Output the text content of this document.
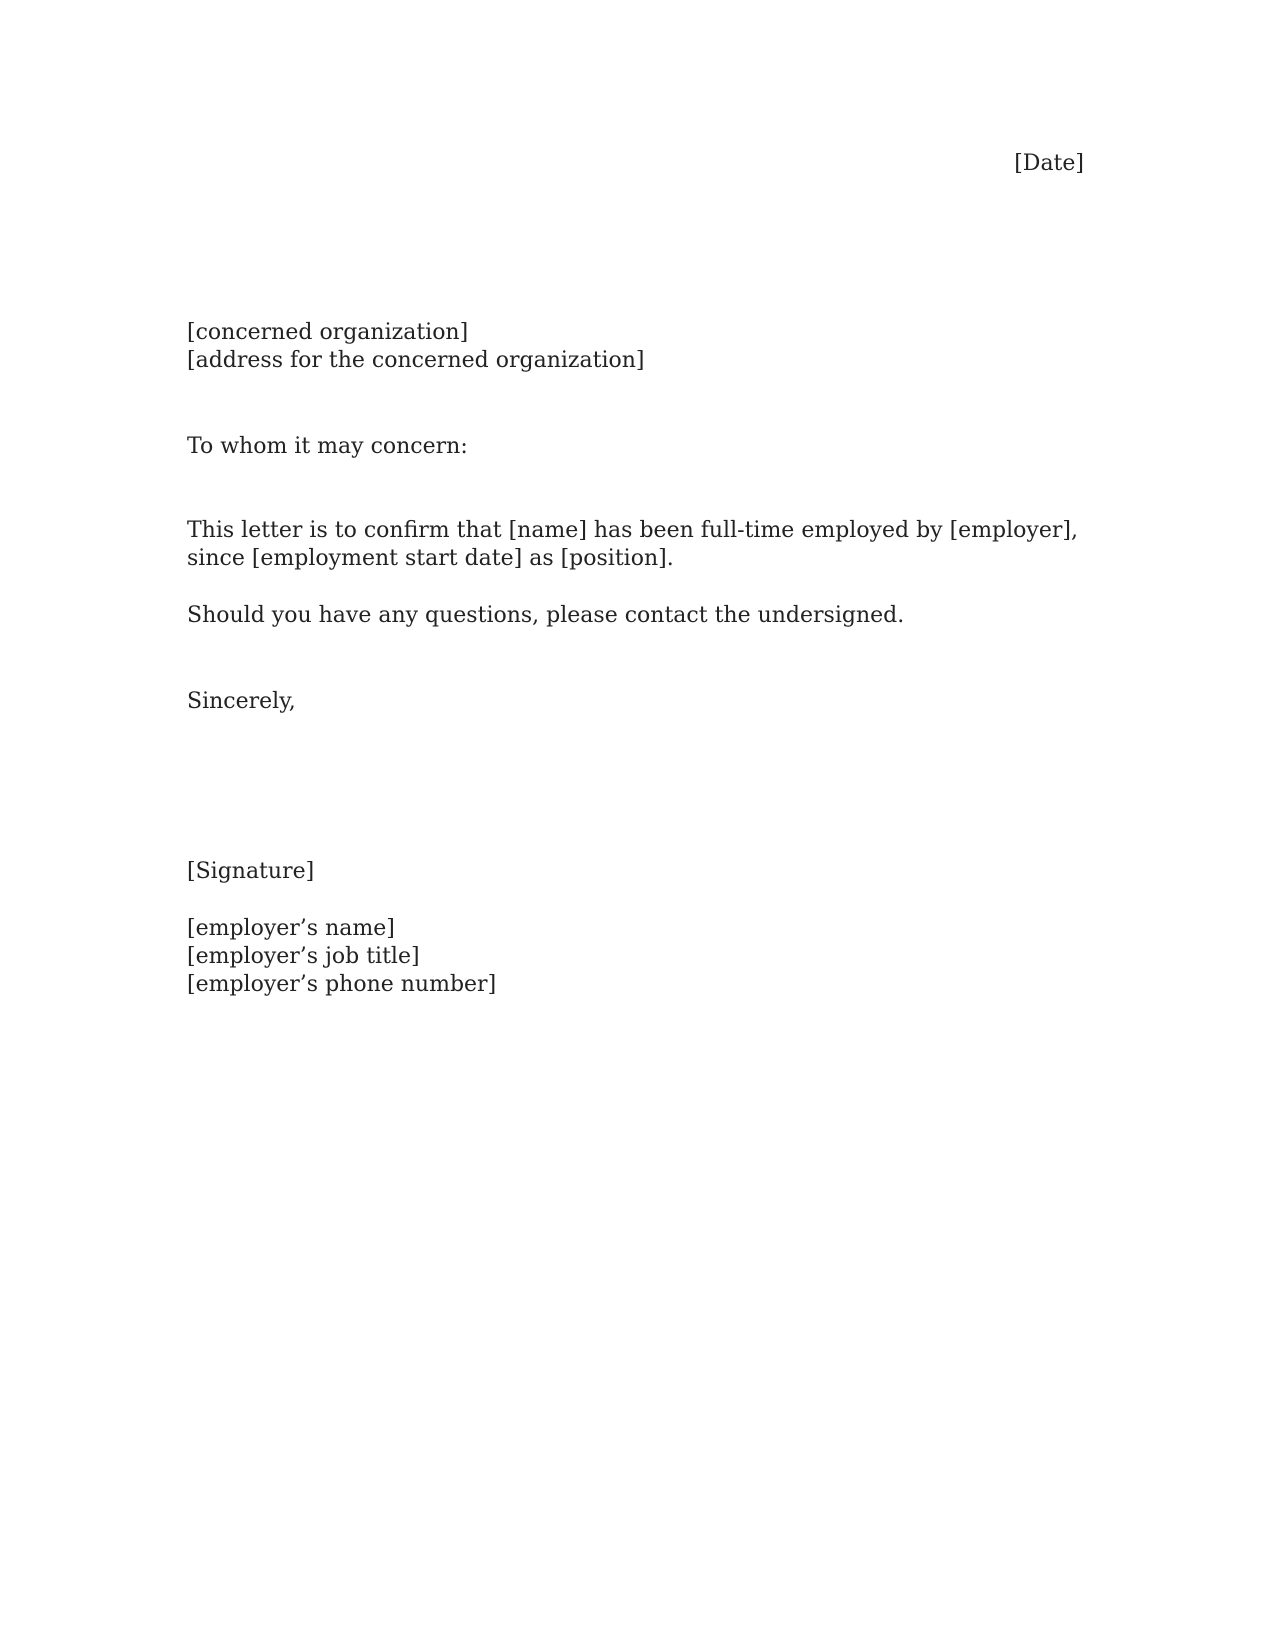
[Date]

[concerned organization]

[address for the concerned organization]

To whom it may concern:

This letter is to confirm that [name] has been full-time employed by [employer],

since [employment start date] as [position].

Should you have any questions, please contact the undersigned.

Sincerely,

[Signature]

[employer’s name]

[employer’s job title]

[employer’s phone number]
